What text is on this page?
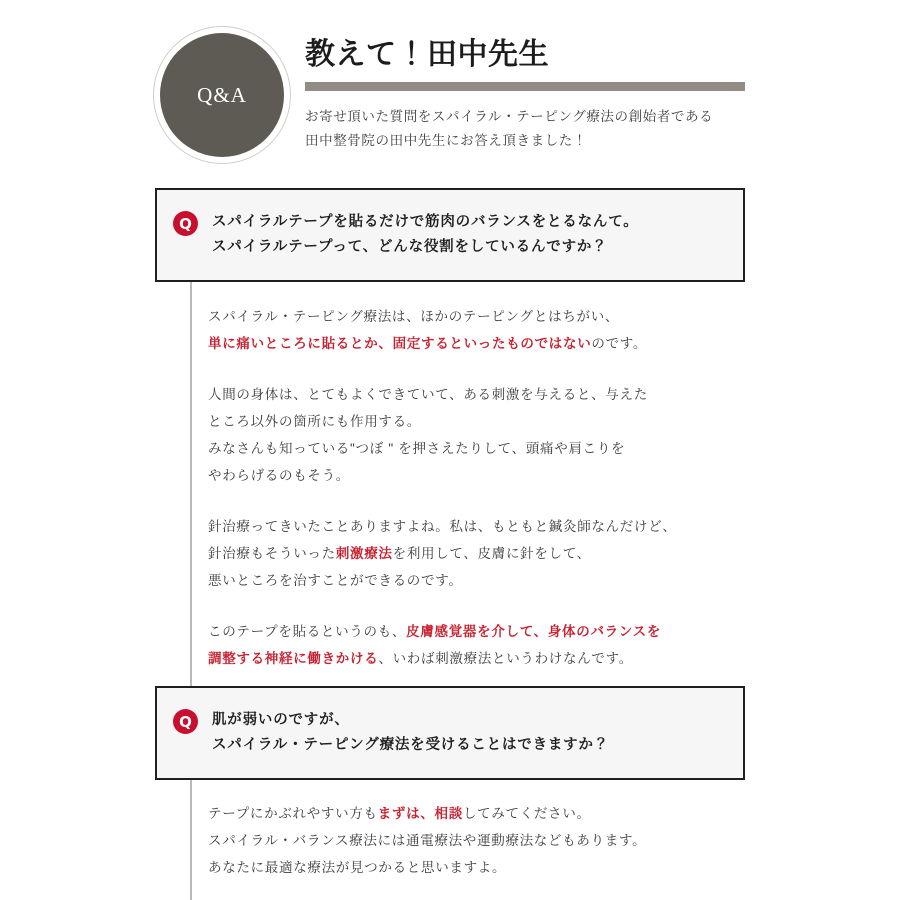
Q&A
教えて！田中先生
お寄せ頂いた質問をスパイラル・テーピング療法の創始者である
田中整骨院の田中先生にお答え頂きました！
Q	スパイラルテープを貼るだけで筋肉のバランスをとるなんて。
スパイラルテープって、どんな役割をしているんですか？
スパイラル・テーピング療法は、ほかのテーピングとはちがい、
単に痛いところに貼るとか、固定するといったものではないのです。
人間の身体は、とてもよくできていて、ある刺激を与えると、与えた
ところ以外の箇所にも作用する。
みなさんも知っている"つぼ " を押さえたりして、頭痛や肩こりを
やわらげるのもそう。
針治療ってきいたことありますよね。私は、もともと鍼灸師なんだけど、
針治療もそういった刺激療法を利用して、皮膚に針をして、
悪いところを治すことができるのです。
このテープを貼るというのも、皮膚感覚器を介して、身体のバランスを
調整する神経に働きかける、いわば刺激療法というわけなんです。
Q	肌が弱いのですが、
スパイラル・テーピング療法を受けることはできますか？
テープにかぶれやすい方もまずは、相談してみてください。
スパイラル・バランス療法には通電療法や運動療法などもあります。
あなたに最適な療法が見つかると思いますよ。
